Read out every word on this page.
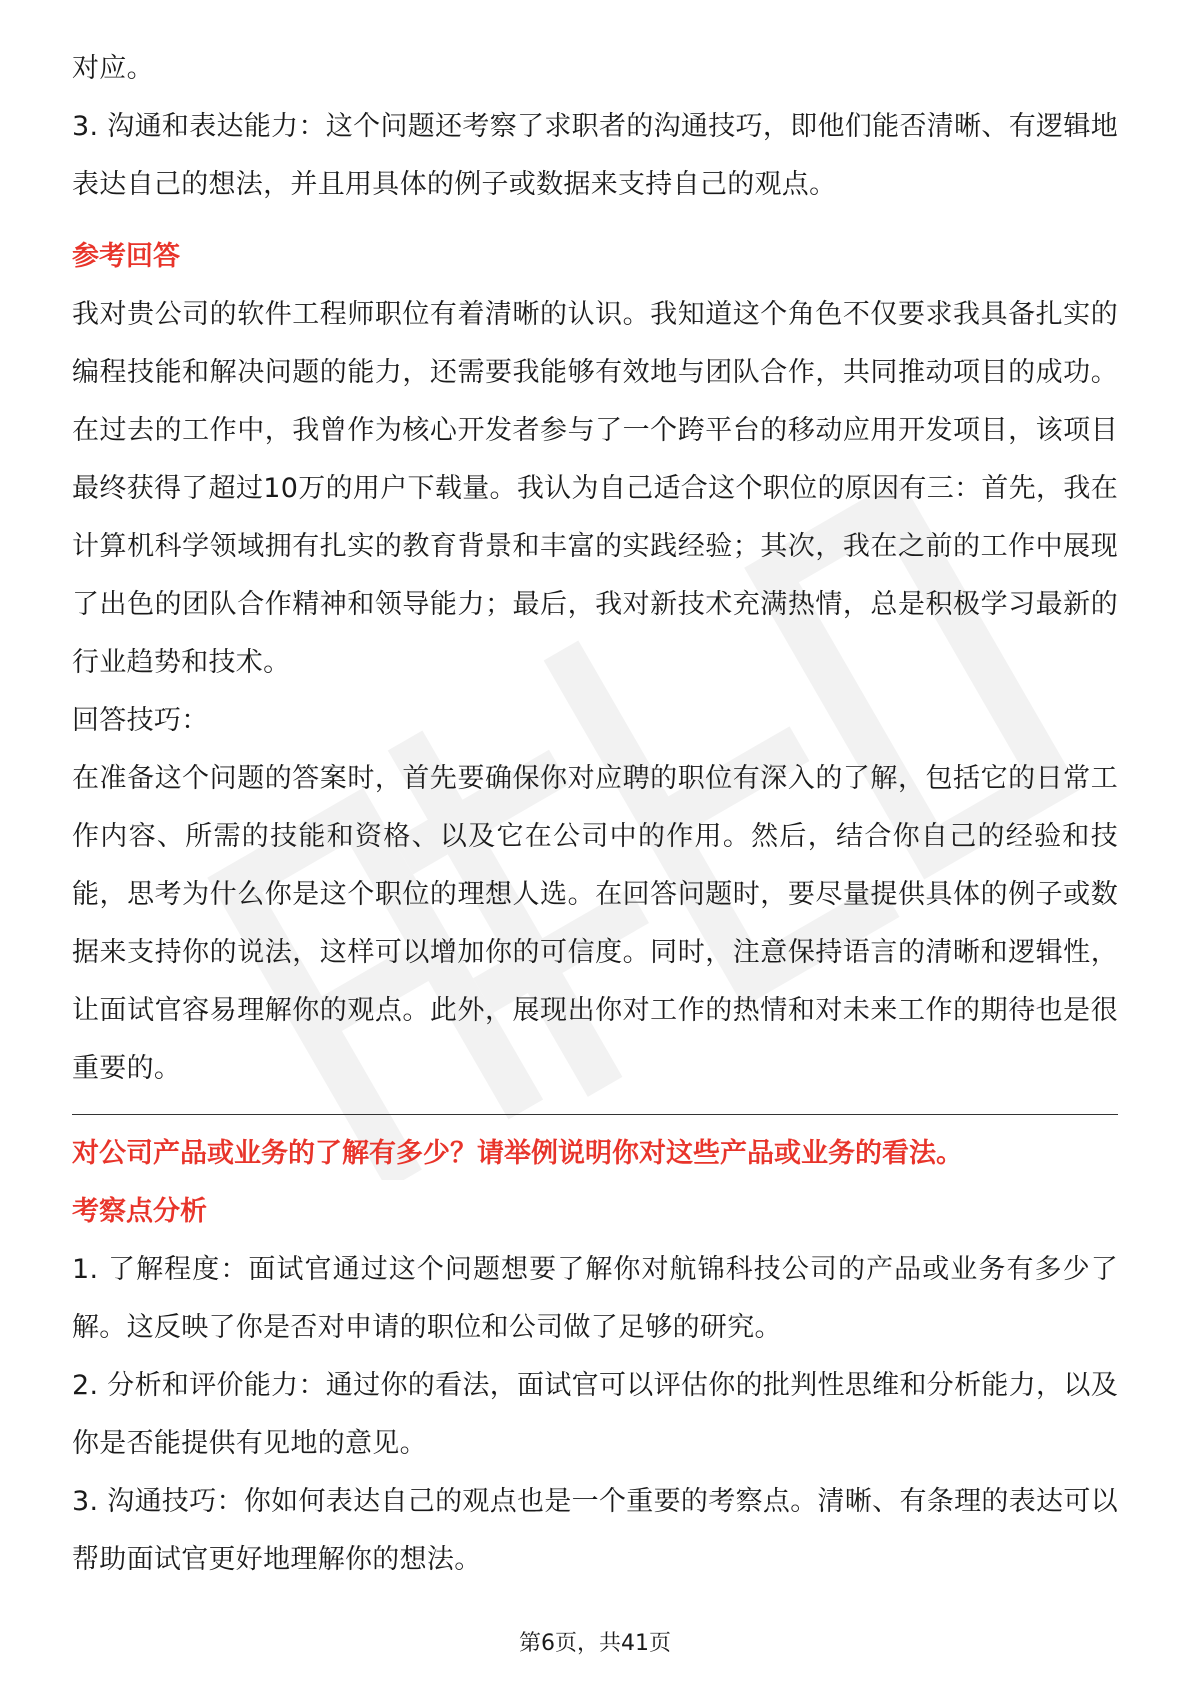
对应。

3. 沟通和表达能力：这个问题还考察了求职者的沟通技巧，即他们能否清晰、有逻辑地表达自己的想法，并且用具体的例子或数据来支持自己的观点。

参考回答

我对贵公司的软件工程师职位有着清晰的认识。我知道这个角色不仅要求我具备扎实的编程技能和解决问题的能力，还需要我能够有效地与团队合作，共同推动项目的成功。在过去的工作中，我曾作为核心开发者参与了一个跨平台的移动应用开发项目，该项目最终获得了超过10万的用户下载量。我认为自己适合这个职位的原因有三：首先，我在计算机科学领域拥有扎实的教育背景和丰富的实践经验；其次，我在之前的工作中展现了出色的团队合作精神和领导能力；最后，我对新技术充满热情，总是积极学习最新的行业趋势和技术。

回答技巧：

在准备这个问题的答案时，首先要确保你对应聘的职位有深入的了解，包括它的日常工作内容、所需的技能和资格、以及它在公司中的作用。然后，结合你自己的经验和技能，思考为什么你是这个职位的理想人选。在回答问题时，要尽量提供具体的例子或数据来支持你的说法，这样可以增加你的可信度。同时，注意保持语言的清晰和逻辑性，让面试官容易理解你的观点。此外，展现出你对工作的热情和对未来工作的期待也是很重要的。

对公司产品或业务的了解有多少？请举例说明你对这些产品或业务的看法。

考察点分析

1. 了解程度：面试官通过这个问题想要了解你对航锦科技公司的产品或业务有多少了解。这反映了你是否对申请的职位和公司做了足够的研究。

2. 分析和评价能力：通过你的看法，面试官可以评估你的批判性思维和分析能力，以及你是否能提供有见地的意见。

3. 沟通技巧：你如何表达自己的观点也是一个重要的考察点。清晰、有条理的表达可以帮助面试官更好地理解你的想法。

第6页，共41页
